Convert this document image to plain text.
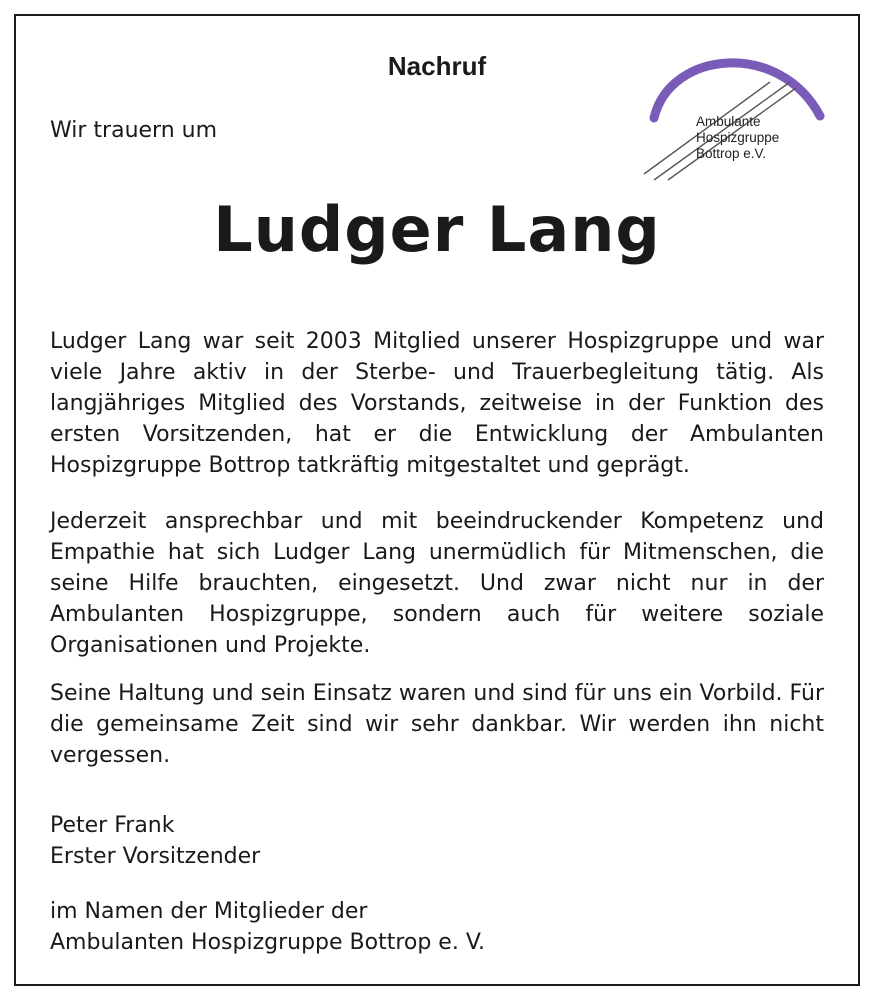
Nachruf
Wir trauern um	Ambulante
Hospizgruppe
Bottrop e.V.
Ludger Lang

Ludger Lang war seit 2003 Mitglied unserer Hospizgruppe und war viele Jahre aktiv in der Sterbe- und Trauerbegleitung tätig. Als langjähriges Mitglied des Vorstands, zeitweise in der Funktion des ersten Vorsitzenden, hat er die Entwicklung der Ambulanten Hospizgruppe Bottrop tatkräftig mitgestaltet und geprägt.

Jederzeit ansprechbar und mit beeindruckender Kompetenz und Empathie hat sich Ludger Lang unermüdlich für Mitmenschen, die seine Hilfe brauchten, eingesetzt. Und zwar nicht nur in der Ambulanten Hospizgruppe, sondern auch für weitere soziale Organisationen und Projekte.

Seine Haltung und sein Einsatz waren und sind für uns ein Vorbild. Für die gemeinsame Zeit sind wir sehr dankbar. Wir werden ihn nicht vergessen.

Peter Frank
Erster Vorsitzender
im Namen der Mitglieder der
Ambulanten Hospizgruppe Bottrop e. V.
